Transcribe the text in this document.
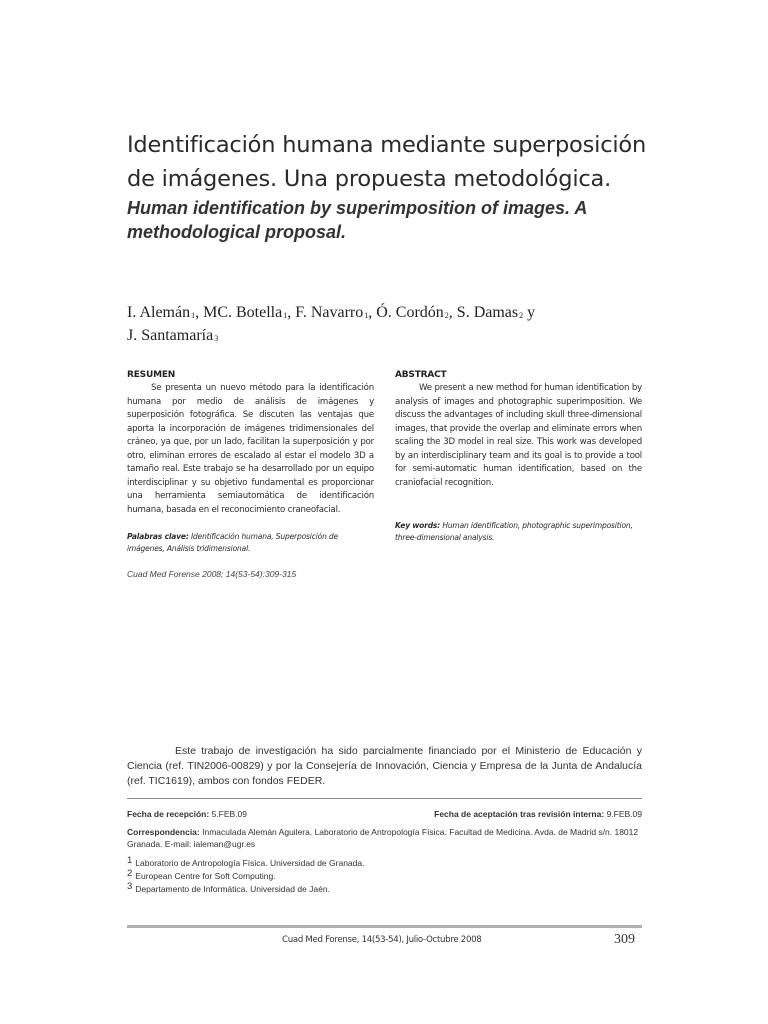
Identificación humana mediante superposición de imágenes. Una propuesta metodológica.
Human identification by superimposition of images. A methodological proposal.

I. Alemán$^1$, MC. Botella$^1$, F. Navarro$^1$, Ó. Cordón$^2$, S. Damas$^2$ y
J. Santamaría$^3$

RESUMEN

Se presenta un nuevo método para la identificación humana por medio de análisis de imágenes y superposición fotográfica. Se discuten las ventajas que aporta la incorporación de imágenes tridimensionales del cráneo, ya que, por un lado, facilitan la superposición y por otro, eliminan errores de escalado al estar el modelo 3D a tamaño real. Este trabajo se ha desarrollado por un equipo interdisciplinar y su objetivo fundamental es proporcionar una herramienta semiautomática de identificación humana, basada en el reconocimiento craneofacial.

Palabras clave: Identificación humana, Superposición de imágenes, Análisis tridimensional.

Cuad Med Forense 2008; 14(53-54):309-315

ABSTRACT

We present a new method for human identification by analysis of images and photographic superimposition. We discuss the advantages of including skull three-dimensional images, that provide the overlap and eliminate errors when scaling the 3D model in real size. This work was developed by an interdisciplinary team and its goal is to provide a tool for semi-automatic human identification, based on the craniofacial recognition.

Key words: Human identification, photographic superimposition, three-dimensional analysis.

Este trabajo de investigación ha sido parcialmente financiado por el Ministerio de Educación y Ciencia (ref. TIN2006-00829) y por la Consejería de Innovación, Ciencia y Empresa de la Junta de Andalucía (ref. TIC1619), ambos con fondos FEDER.

Fecha de recepción: 5.FEB.09	Fecha de aceptación tras revisión interna: 9.FEB.09

Correspondencia: Inmaculada Alemán Aguilera. Laboratorio de Antropología Física. Facultad de Medicina. Avda. de Madrid s/n. 18012 Granada. E-mail: ialeman@ugr.es

$^1$ Laboratorio de Antropología Física. Universidad de Granada.
$^2$ European Centre for Soft Computing.
$^3$ Departamento de Informática. Universidad de Jaén.
Cuad Med Forense, 14(53-54), Julio-Octubre 2008	309
